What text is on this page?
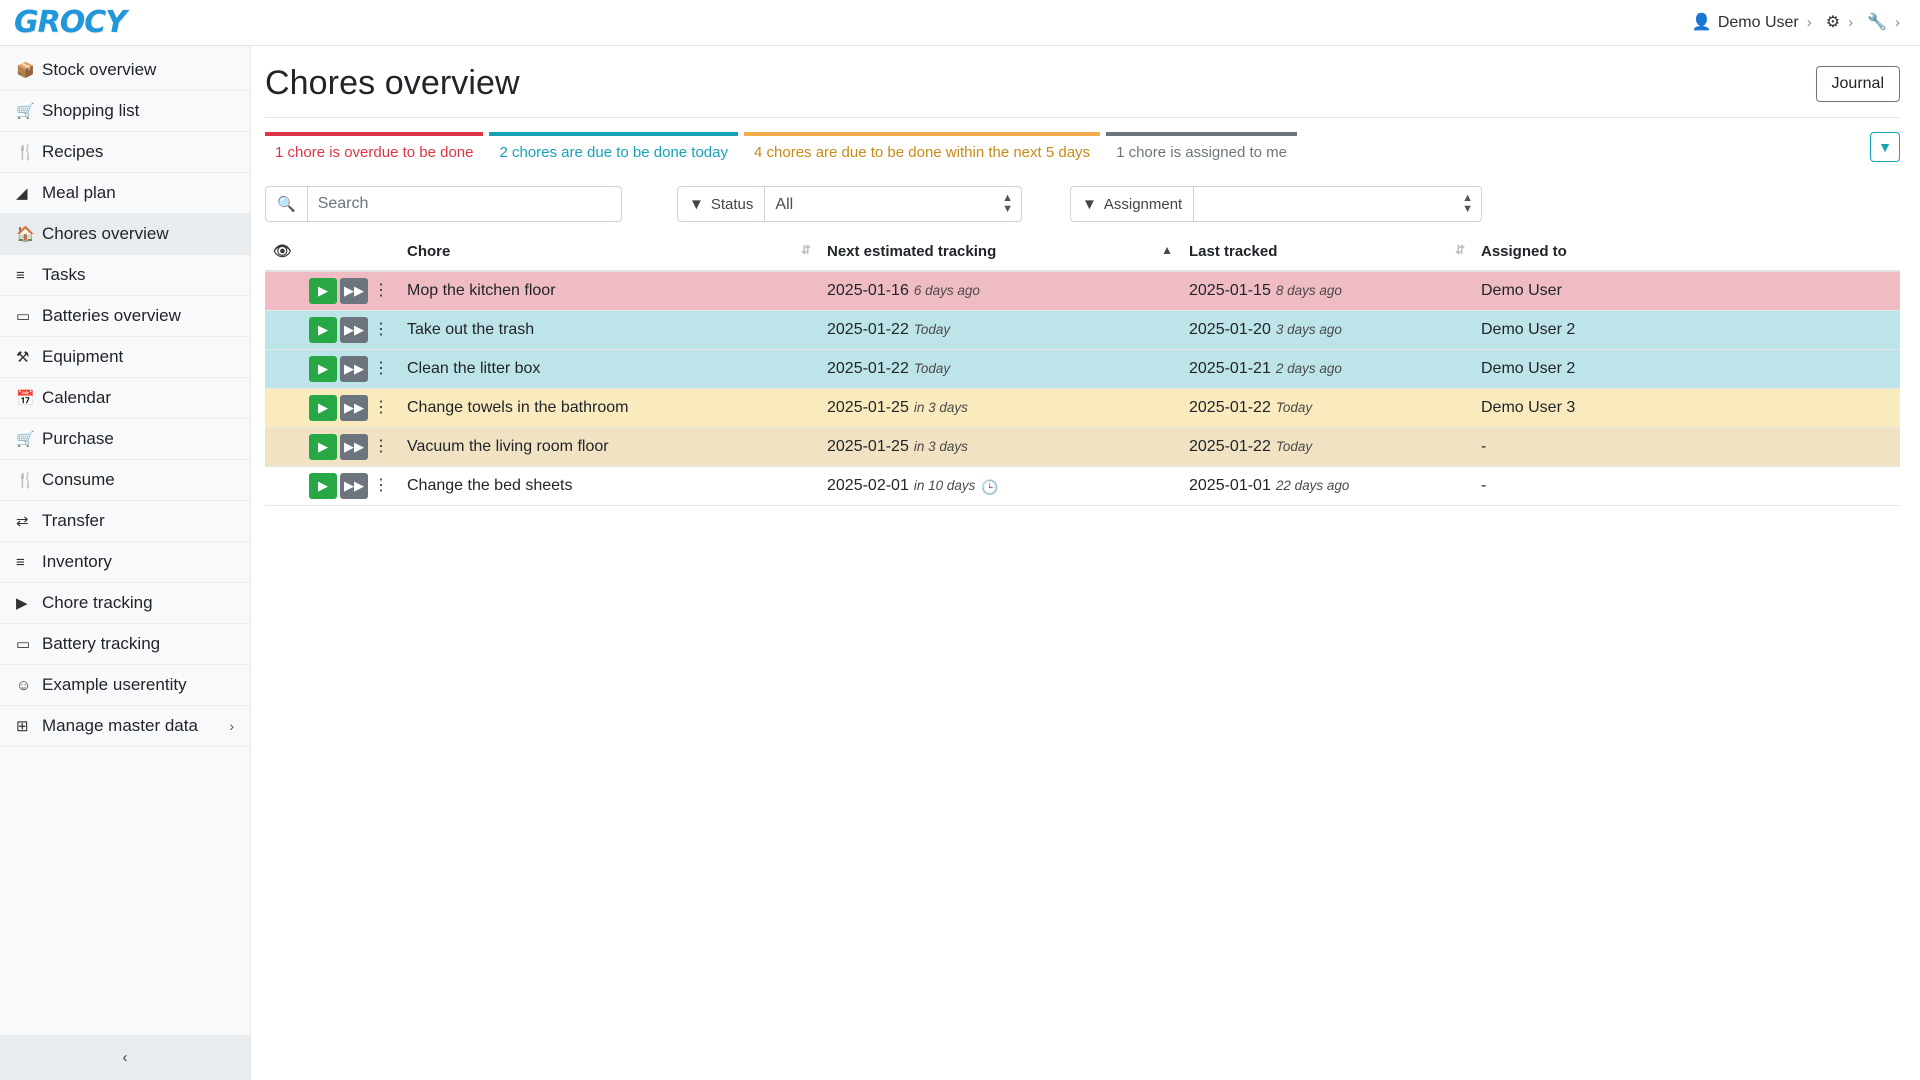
GROCY	👤 Demo User › ⚙ › 🔧 ›
📦 Stock overview
🛒 Shopping list
🍴 Recipes
◢ Meal plan
🏠 Chores overview
≡	Tasks
▭ Batteries overview
⚒ Equipment
📅 Calendar
🛒 Purchase
🍴 Consume
⇄ Transfer
≡	Inventory
▶ Chore tracking
▭ Battery tracking
☺ Example userentity
⊞ Manage master data ›
‹
Chores overview	Journal
1 chore is overdue to be done	2 chores are due to be done today	4 chores are due to be done within the next 5 days	1 chore is assigned to me	▼
🔍
Search	▼ Status
All	▲
▼	▼ Assignment	▲
▼
👁		Chore ⇵	Next estimated tracking ▲	Last tracked ⇵	Assigned to

	▶ ▶▶ ⋮	Mop the kitchen floor	2025-01-16 6 days ago	2025-01-15 8 days ago	Demo User

	▶ ▶▶ ⋮	Take out the trash	2025-01-22 Today	2025-01-20 3 days ago	Demo User 2

	▶ ▶▶ ⋮	Clean the litter box	2025-01-22 Today	2025-01-21 2 days ago	Demo User 2

	▶ ▶▶ ⋮	Change towels in the bathroom	2025-01-25 in 3 days	2025-01-22 Today	Demo User 3

	▶ ▶▶ ⋮	Vacuum the living room floor	2025-01-25 in 3 days	2025-01-22 Today	-

	▶ ▶▶ ⋮	Change the bed sheets	2025-02-01 in 10 days 🕒	2025-01-01 22 days ago	-
